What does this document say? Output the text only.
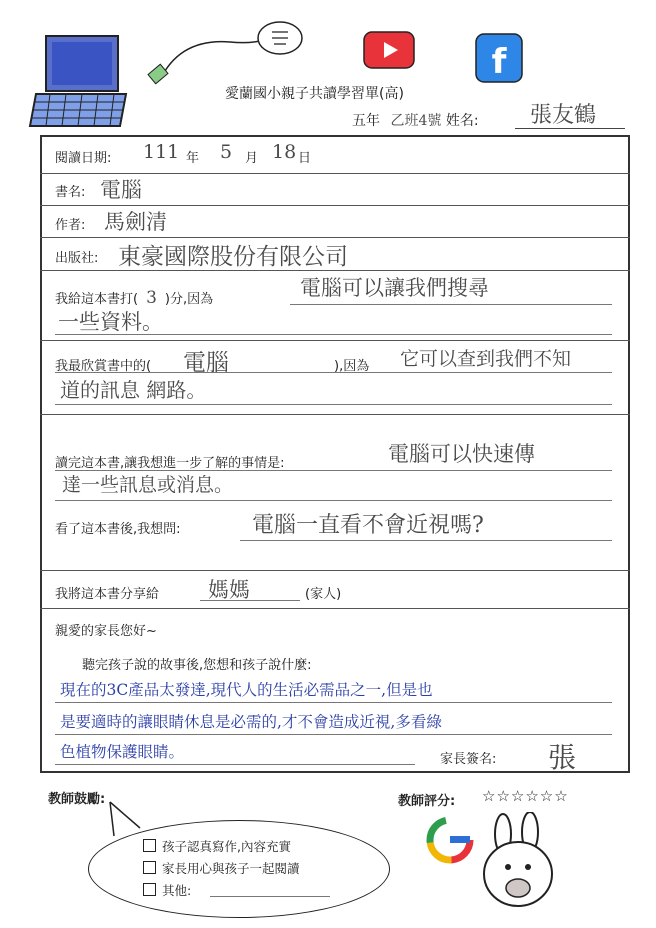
f
愛蘭國小親子共讀學習單(高)
五年 乙班4號 姓名: 張友鶴
閱讀日期: 111 年 5 月 18 日
書名: 電腦
作者: 馬劍清
出版社: 東豪國際股份有限公司
我給這本書打( 3 )分,因為	電腦可以讓我們搜尋
一些資料。
我最欣賞書中的( 電腦	),因為 它可以查到我們不知
道的訊息 網路。
讀完這本書,讓我想進一步了解的事情是:	電腦可以快速傳
達一些訊息或消息。
看了這本書後,我想問:	電腦一直看不會近視嗎?
我將這本書分享給 媽媽	(家人)
親愛的家長您好~
聽完孩子說的故事後,您想和孩子說什麼:
現在的3C產品太發達,現代人的生活必需品之一,但是也
是要適時的讓眼睛休息是必需的,才不會造成近視,多看綠
色植物保護眼睛。	家長簽名: 張
教師鼓勵:	教師評分: ☆☆☆☆☆☆
孩子認真寫作,內容充實
家長用心與孩子一起閱讀
其他:
